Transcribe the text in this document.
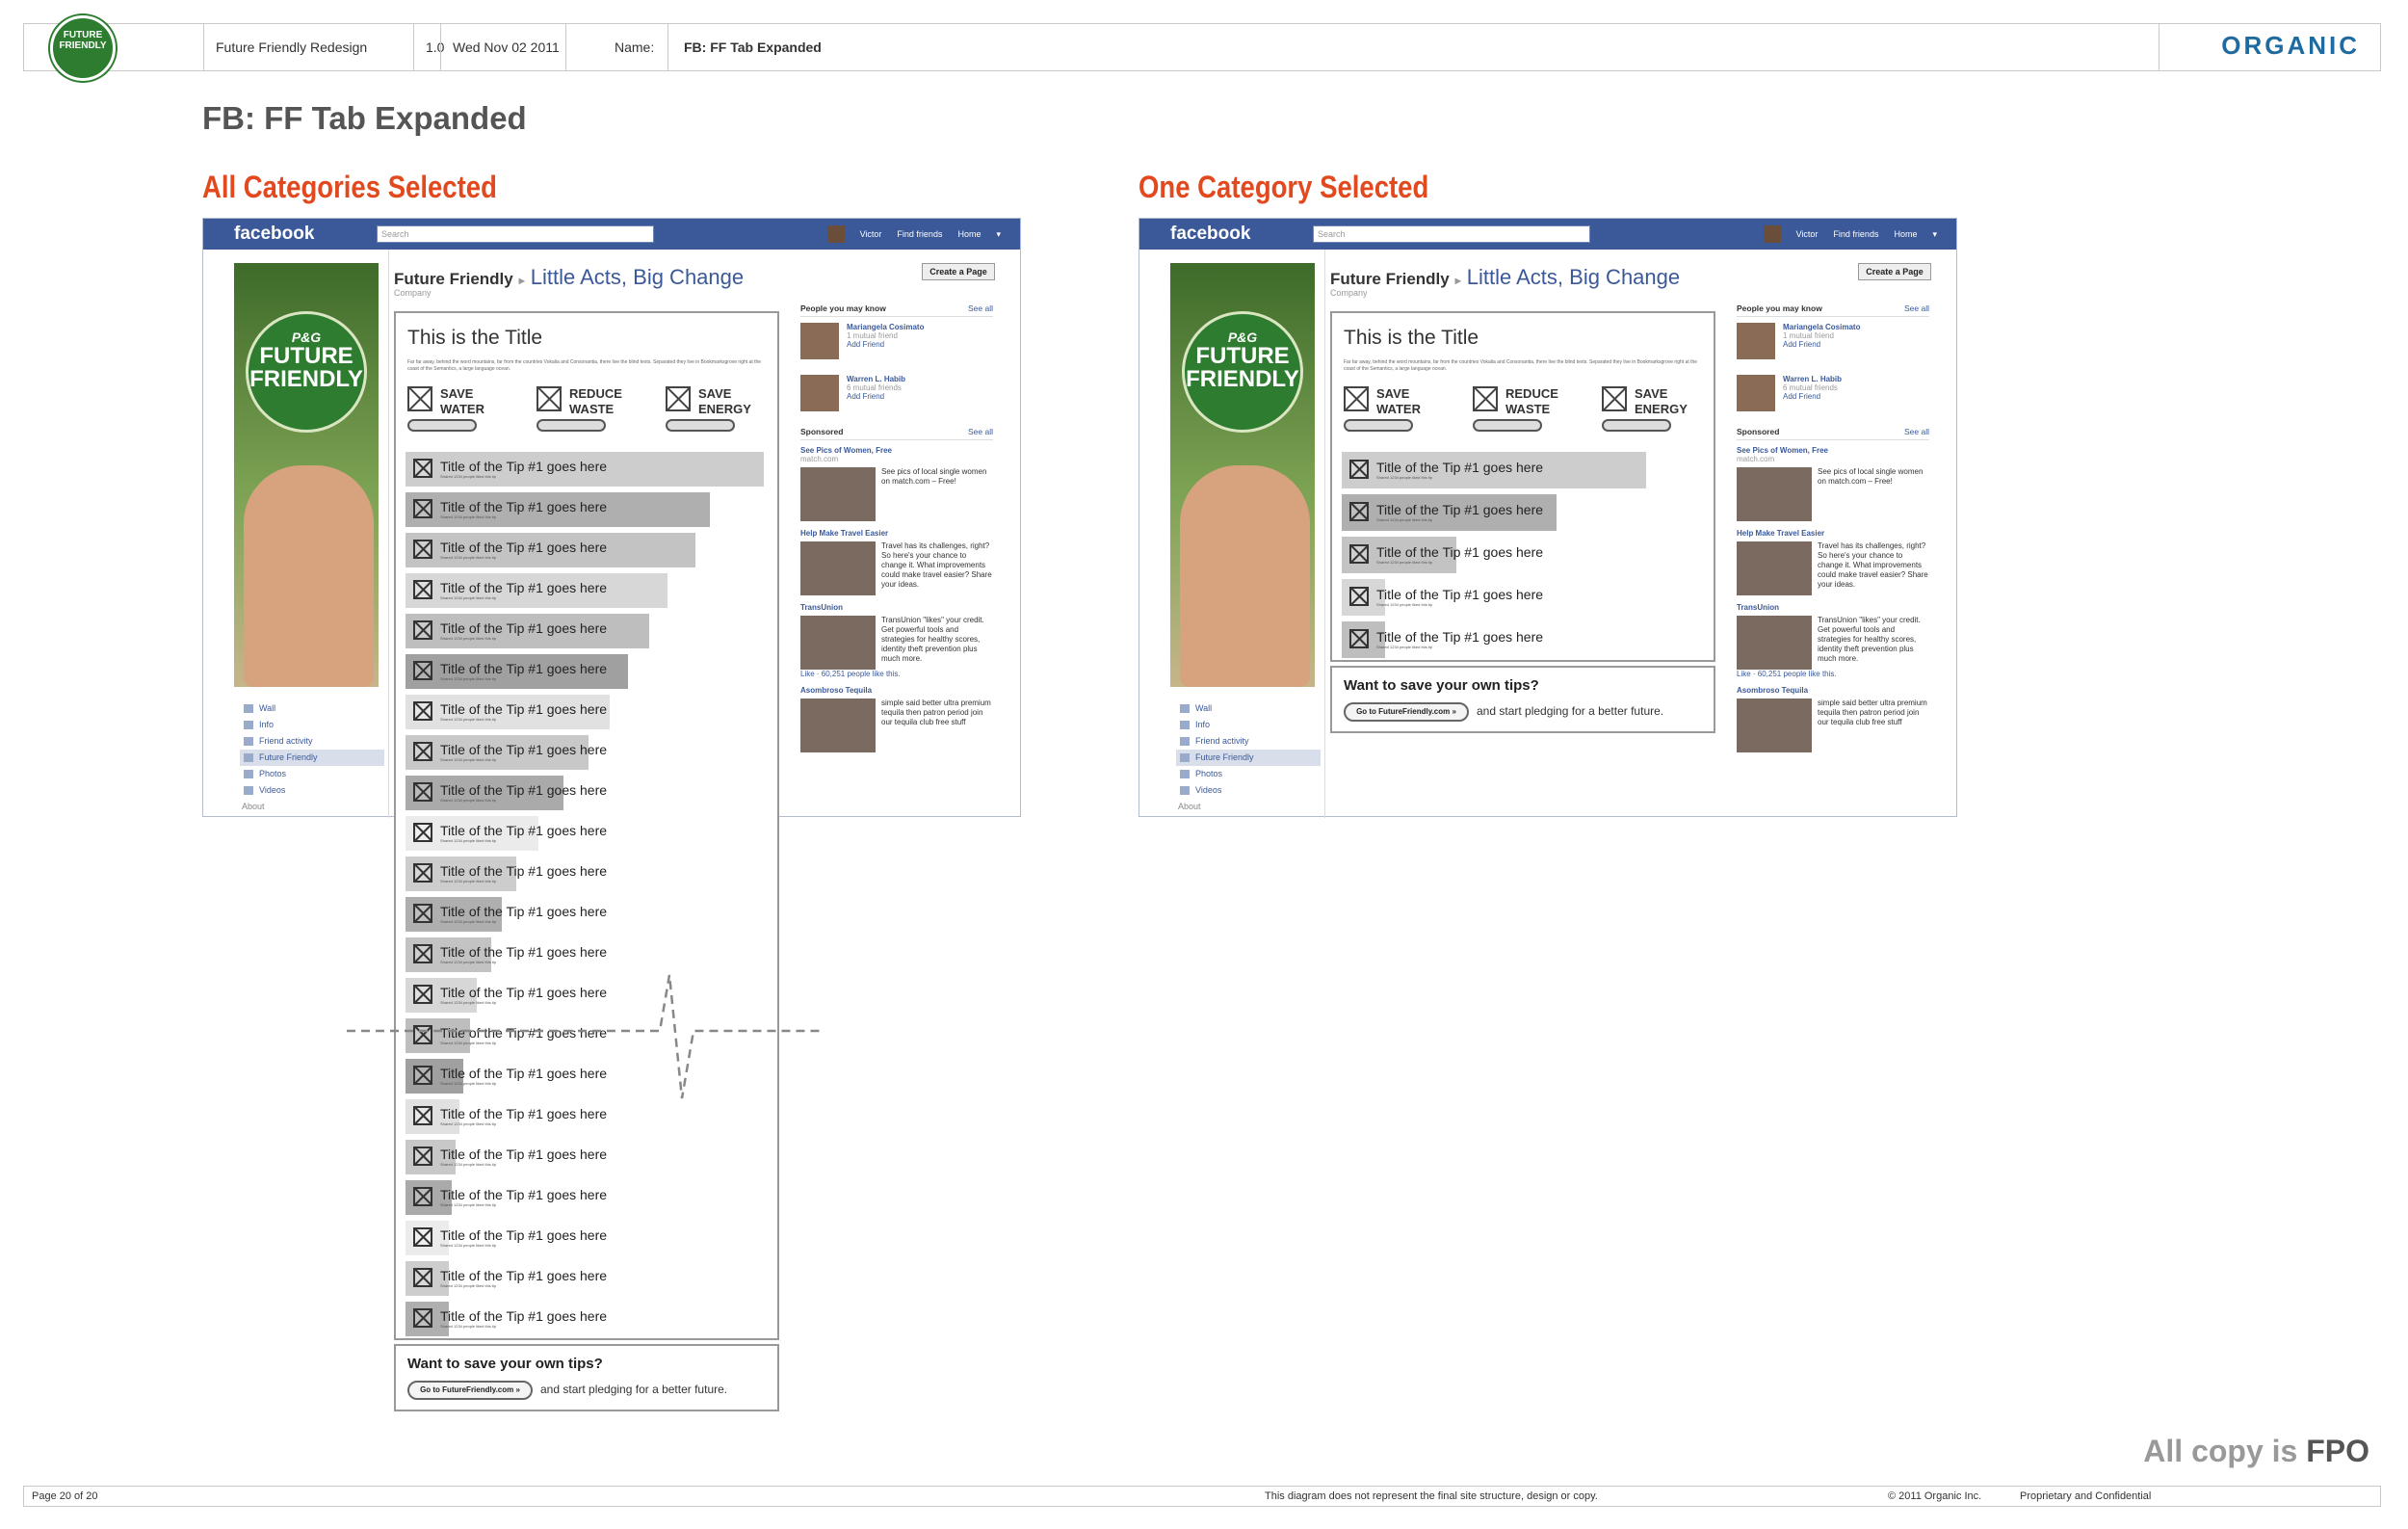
Future Friendly Redesign	1.0 Wed Nov 02 2011	Name:	FB: FF Tab Expanded
FUTURE FRIENDLY	ORGANIC
FB: FF Tab Expanded
All Categories Selected	One Category Selected
facebook	Search	Victor Find friends Home ▾
P&G
FUTURE
FRIENDLY
Wall
Info
Friend activity
Future Friendly
Photos
Videos
About
Future Friendly ▸ Little Acts, Big Change
Company
Create a Page
This is the Title
Far far away, behind the word mountains, far from the countries Vokalia and Consonantia, there live the blind texts. Separated they live in Bookmarksgrove right at the coast of the Semantics, a large language ocean.
SAVE
WATER
REDUCE
WASTE
SAVE
ENERGY
Title of the Tip #1 goes here
Shared 1234 people liked this tip
Title of the Tip #1 goes here
Shared 1234 people liked this tip
Title of the Tip #1 goes here
Shared 1234 people liked this tip
Title of the Tip #1 goes here
Shared 1234 people liked this tip
Title of the Tip #1 goes here
Shared 1234 people liked this tip
Title of the Tip #1 goes here
Shared 1234 people liked this tip
Title of the Tip #1 goes here
Shared 1234 people liked this tip
Title of the Tip #1 goes here
Shared 1234 people liked this tip
Title of the Tip #1 goes here
Shared 1234 people liked this tip
Title of the Tip #1 goes here
Shared 1234 people liked this tip
Title of the Tip #1 goes here
Shared 1234 people liked this tip
Title of the Tip #1 goes here
Shared 1234 people liked this tip
Title of the Tip #1 goes here
Shared 1234 people liked this tip
Title of the Tip #1 goes here
Shared 1234 people liked this tip
Title of the Tip #1 goes here
Shared 1234 people liked this tip
Title of the Tip #1 goes here
Shared 1234 people liked this tip
Title of the Tip #1 goes here
Shared 1234 people liked this tip
Title of the Tip #1 goes here
Shared 1234 people liked this tip
Title of the Tip #1 goes here
Shared 1234 people liked this tip
Title of the Tip #1 goes here
Shared 1234 people liked this tip
Title of the Tip #1 goes here
Shared 1234 people liked this tip
Title of the Tip #1 goes here
Shared 1234 people liked this tip
Want to save your own tips?
Go to FutureFriendly.com »	and start pledging for a better future.
People you may know	See all
Mariangela Cosimato
1 mutual friend
Add Friend
Warren L. Habib
6 mutual friends
Add Friend
Sponsored	See all
See Pics of Women, Free
match.com
See pics of local single women on match.com – Free!
Help Make Travel Easier
Travel has its challenges, right? So here's your chance to change it. What improvements could make travel easier? Share your ideas.
TransUnion
TransUnion "likes" your credit. Get powerful tools and strategies for healthy scores, identity theft prevention plus much more.
Like · 60,251 people like this.
Asombroso Tequila
simple said better ultra premium tequila then patron period join our tequila club free stuff
facebook	Search	Victor Find friends Home ▾
P&G
FUTURE
FRIENDLY
Wall
Info
Friend activity
Future Friendly
Photos
Videos
About
Future Friendly ▸ Little Acts, Big Change
Company
Create a Page
This is the Title
Far far away, behind the word mountains, far from the countries Vokalia and Consonantia, there live the blind texts. Separated they live in Bookmarksgrove right at the coast of the Semantics, a large language ocean.
SAVE
WATER
REDUCE
WASTE
SAVE
ENERGY
Title of the Tip #1 goes here
Shared 1234 people liked this tip
Title of the Tip #1 goes here
Shared 1234 people liked this tip
Title of the Tip #1 goes here
Shared 1234 people liked this tip
Title of the Tip #1 goes here
Shared 1234 people liked this tip
Title of the Tip #1 goes here
Shared 1234 people liked this tip
Want to save your own tips?
Go to FutureFriendly.com »	and start pledging for a better future.
People you may know	See all
Mariangela Cosimato
1 mutual friend
Add Friend
Warren L. Habib
6 mutual friends
Add Friend
Sponsored	See all
See Pics of Women, Free
match.com
See pics of local single women on match.com – Free!
Help Make Travel Easier
Travel has its challenges, right? So here's your chance to change it. What improvements could make travel easier? Share your ideas.
TransUnion
TransUnion "likes" your credit. Get powerful tools and strategies for healthy scores, identity theft prevention plus much more.
Like · 60,251 people like this.
Asombroso Tequila
simple said better ultra premium tequila then patron period join our tequila club free stuff
All copy is FPO
Page 20 of 20	This diagram does not represent the final site structure, design or copy.	© 2011 Organic Inc.	Proprietary and Confidential
